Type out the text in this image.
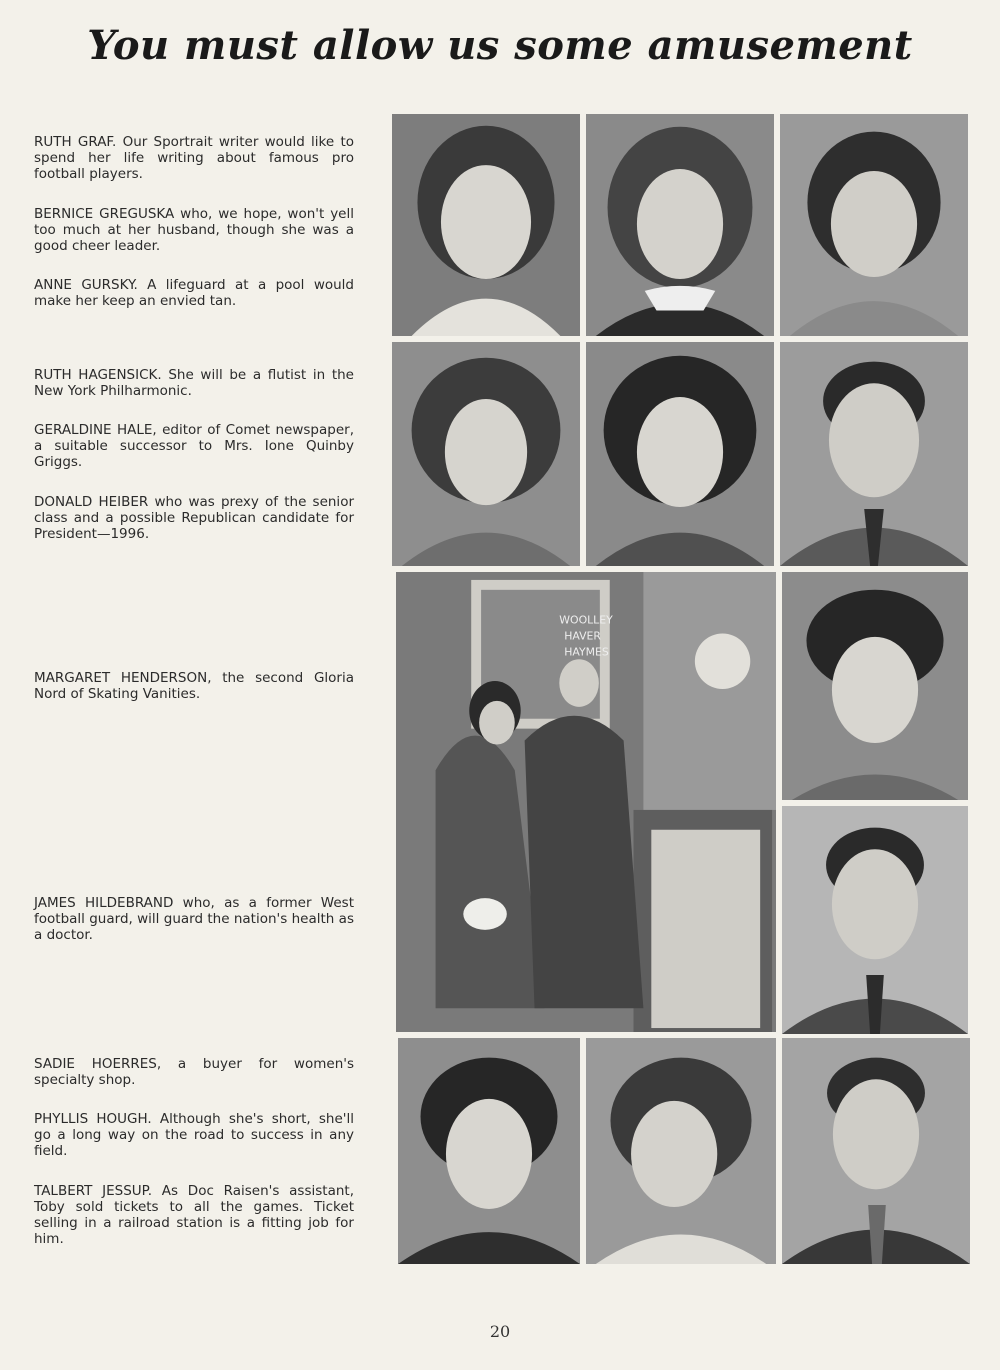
You must allow us some amusement
RUTH GRAF. Our Sportrait writer would like to spend her life writing about famous pro football players.
BERNICE GREGUSKA who, we hope, won't yell too much at her husband, though she was a good cheer leader.
ANNE GURSKY. A lifeguard at a pool would make her keep an envied tan.
RUTH HAGENSICK. She will be a flutist in the New York Philharmonic.
GERALDINE HALE, editor of Comet newspaper, a suitable successor to Mrs. Ione Quinby Griggs.
DONALD HEIBER who was prexy of the senior class and a possible Republican candidate for President—1996.
MARGARET HENDERSON, the second Gloria Nord of Skating Vanities.
JAMES HILDEBRAND who, as a former West football guard, will guard the nation's health as a doctor.
SADIE HOERRES, a buyer for women's specialty shop.
PHYLLIS HOUGH. Although she's short, she'll go a long way on the road to success in any field.
TALBERT JESSUP. As Doc Raisen's assistant, Toby sold tickets to all the games. Ticket selling in a railroad station is a fitting job for him.
WOOLLEY
HAVER
HAYMES
20
